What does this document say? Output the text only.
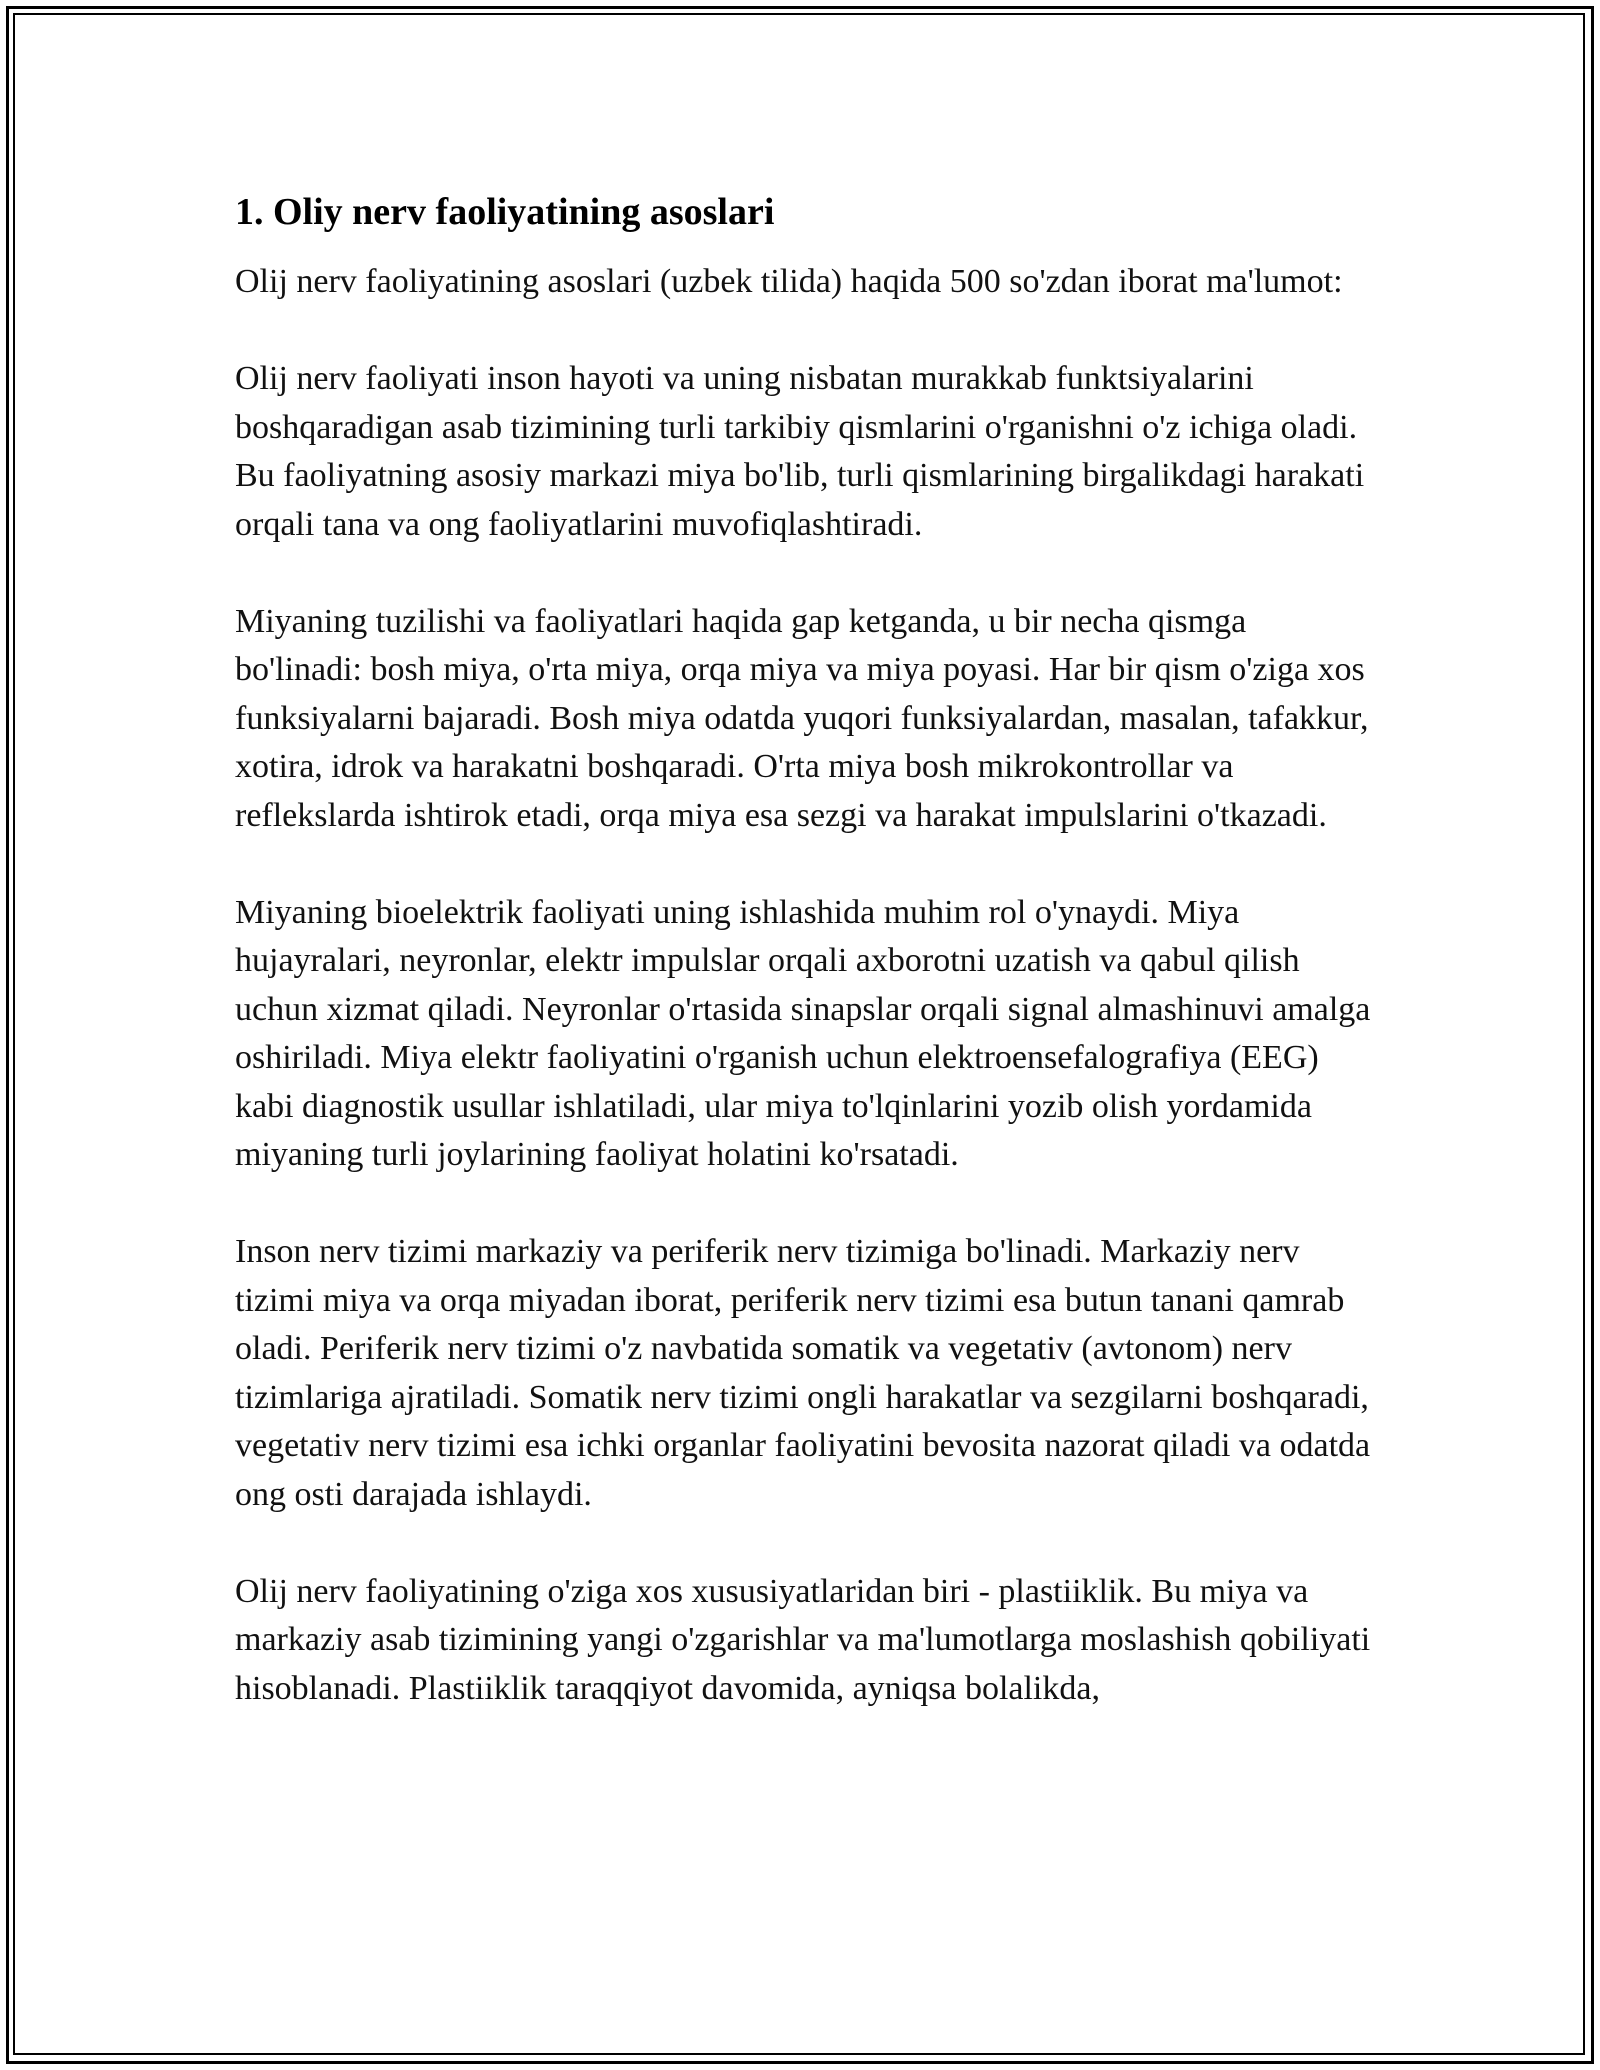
1. Oliy nerv faoliyatining asoslari

Olij nerv faoliyatining asoslari (uzbek tilida) haqida 500 so'zdan iborat ma'lumot:

Olij nerv faoliyati inson hayoti va uning nisbatan murakkab funktsiyalarini boshqaradigan asab tizimining turli tarkibiy qismlarini o'rganishni o'z ichiga oladi. Bu faoliyatning asosiy markazi miya bo'lib, turli qismlarining birgalikdagi harakati orqali tana va ong faoliyatlarini muvofiqlashtiradi.

Miyaning tuzilishi va faoliyatlari haqida gap ketganda, u bir necha qismga bo'linadi: bosh miya, o'rta miya, orqa miya va miya poyasi. Har bir qism o'ziga xos funksiyalarni bajaradi. Bosh miya odatda yuqori funksiyalardan, masalan, tafakkur, xotira, idrok va harakatni boshqaradi. O'rta miya bosh mikrokontrollar va reflekslarda ishtirok etadi, orqa miya esa sezgi va harakat impulslarini o'tkazadi.

Miyaning bioelektrik faoliyati uning ishlashida muhim rol o'ynaydi. Miya hujayralari, neyronlar, elektr impulslar orqali axborotni uzatish va qabul qilish uchun xizmat qiladi. Neyronlar o'rtasida sinapslar orqali signal almashinuvi amalga oshiriladi. Miya elektr faoliyatini o'rganish uchun elektroensefalografiya (EEG) kabi diagnostik usullar ishlatiladi, ular miya to'lqinlarini yozib olish yordamida miyaning turli joylarining faoliyat holatini ko'rsatadi.

Inson nerv tizimi markaziy va periferik nerv tizimiga bo'linadi. Markaziy nerv tizimi miya va orqa miyadan iborat, periferik nerv tizimi esa butun tanani qamrab oladi. Periferik nerv tizimi o'z navbatida somatik va vegetativ (avtonom) nerv tizimlariga ajratiladi. Somatik nerv tizimi ongli harakatlar va sezgilarni boshqaradi, vegetativ nerv tizimi esa ichki organlar faoliyatini bevosita nazorat qiladi va odatda ong osti darajada ishlaydi.

Olij nerv faoliyatining o'ziga xos xususiyatlaridan biri - plastiiklik. Bu miya va markaziy asab tizimining yangi o'zgarishlar va ma'lumotlarga moslashish qobiliyati hisoblanadi. Plastiiklik taraqqiyot davomida, ayniqsa bolalikda,
